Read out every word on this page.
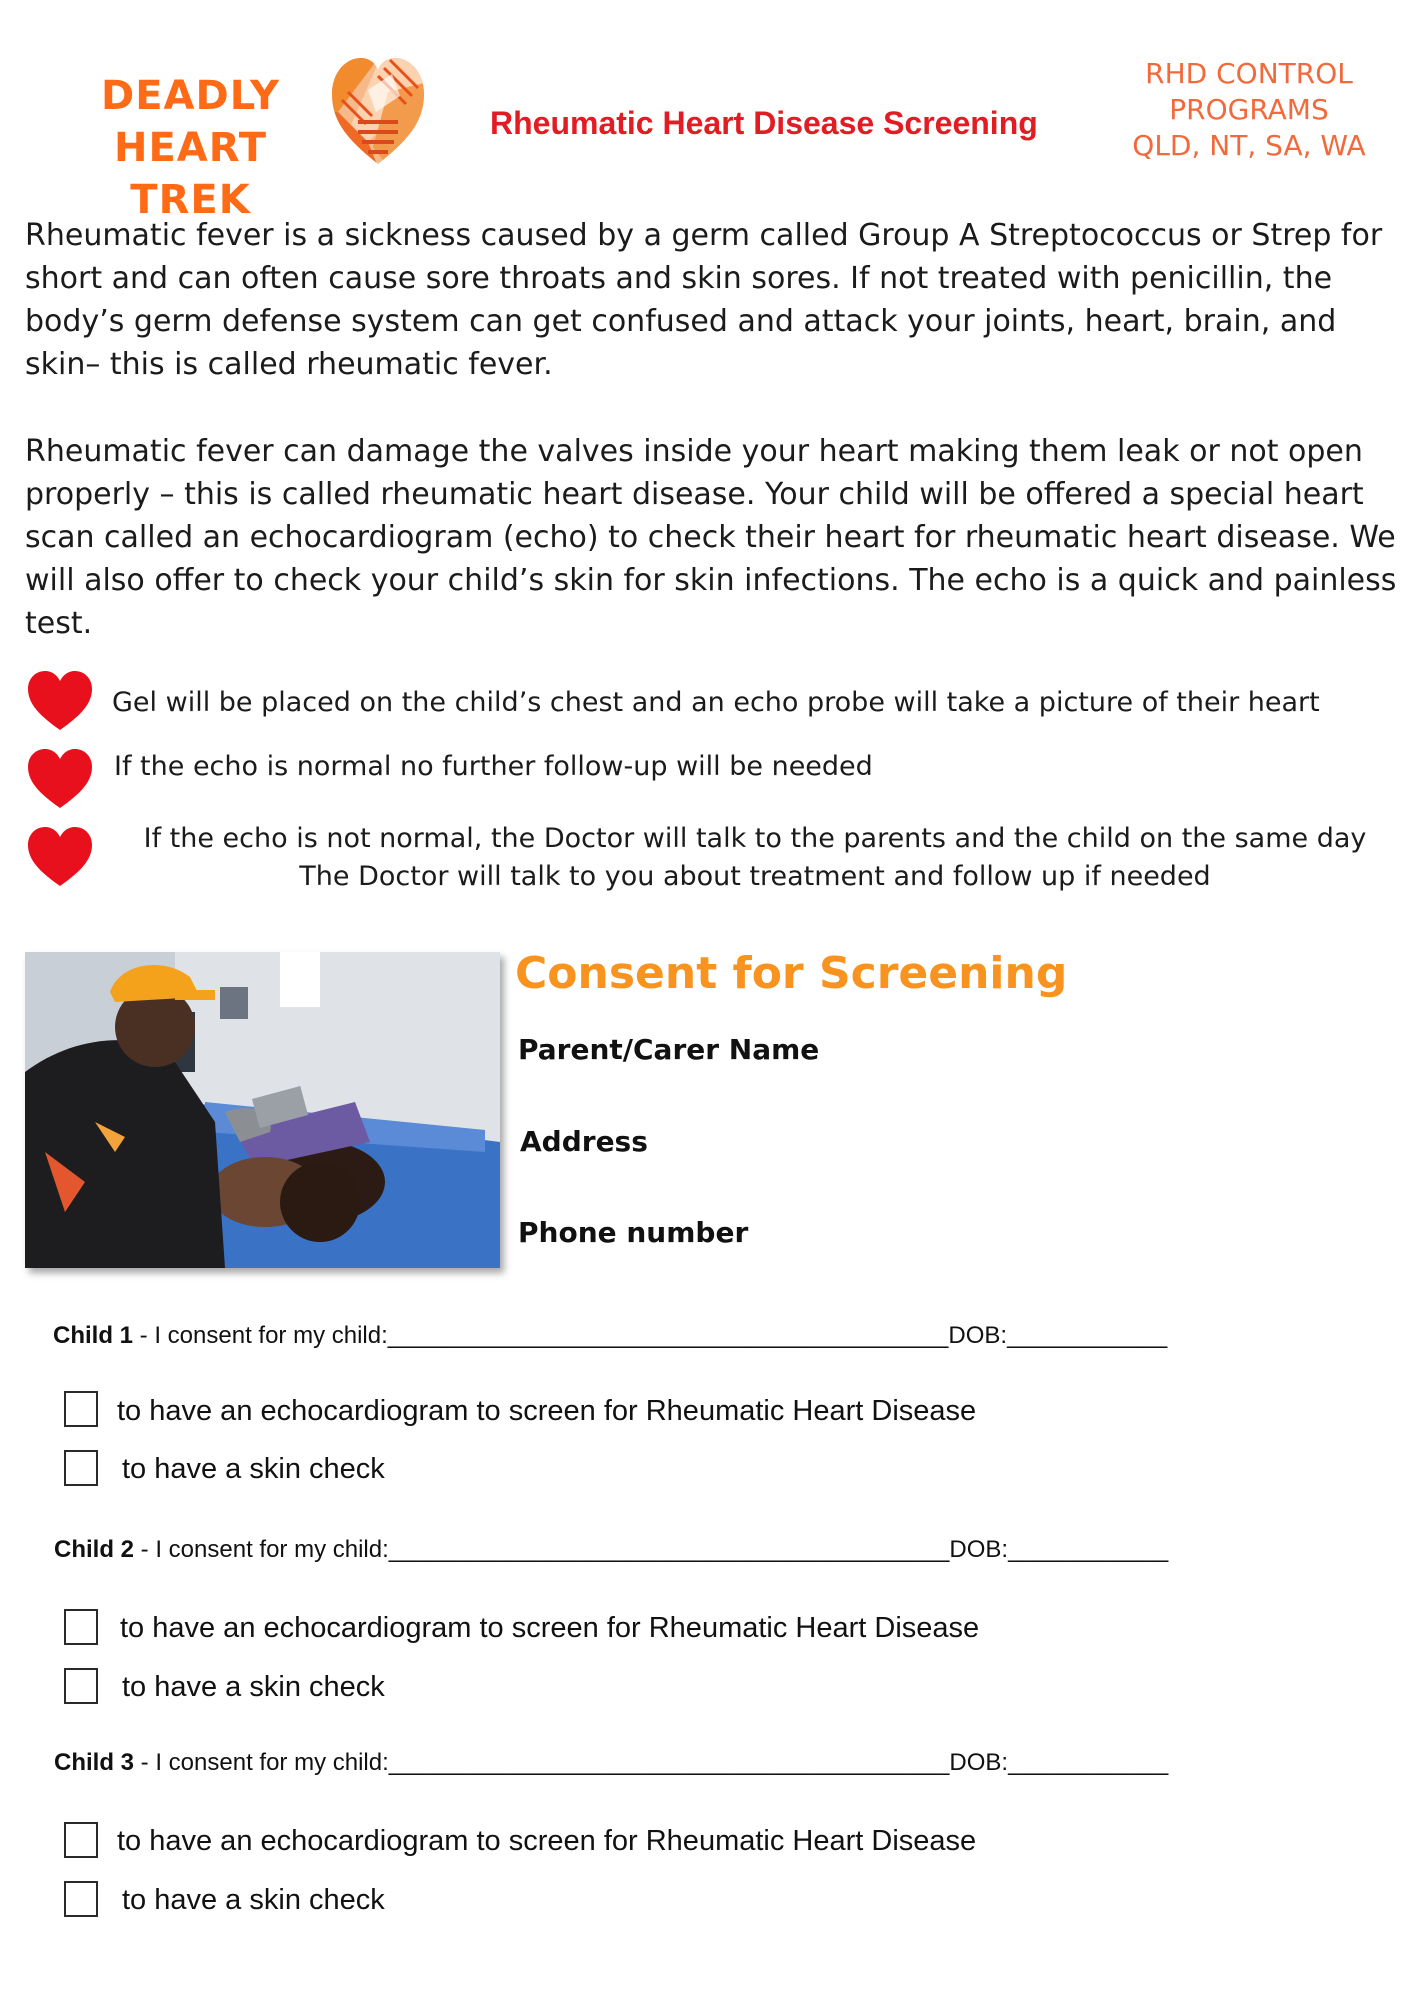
DEADLY HEART
TREK
Rheumatic Heart Disease Screening
RHD CONTROL
PROGRAMS
QLD, NT, SA, WA
Rheumatic fever is a sickness caused by a germ called Group A Streptococcus or Strep for short and can often cause sore throats and skin sores. If not treated with penicillin, the body’s germ defense system can get confused and attack your joints, heart, brain, and skin– this is called rheumatic fever.
Rheumatic fever can damage the valves inside your heart making them leak or not open properly – this is called rheumatic heart disease. Your child will be offered a special heart scan called an echocardiogram (echo) to check their heart for rheumatic heart disease. We will also offer to check your child’s skin for skin infections. The echo is a quick and painless test.
Gel will be placed on the child’s chest and an echo probe will take a picture of their heart
If the echo is normal no further follow-up will be needed
If the echo is not normal, the Doctor will talk to the parents and the child on the same day
The Doctor will talk to you about treatment and follow up if needed
Consent for Screening
Parent/Carer Name
Address
Phone number
Child 1 - I consent for my child:__________________________________________DOB:____________
to have an echocardiogram to screen for Rheumatic Heart Disease
to have a skin check
Child 2 - I consent for my child:__________________________________________DOB:____________
to have an echocardiogram to screen for Rheumatic Heart Disease
to have a skin check
Child 3 - I consent for my child:__________________________________________DOB:____________
to have an echocardiogram to screen for Rheumatic Heart Disease
to have a skin check
